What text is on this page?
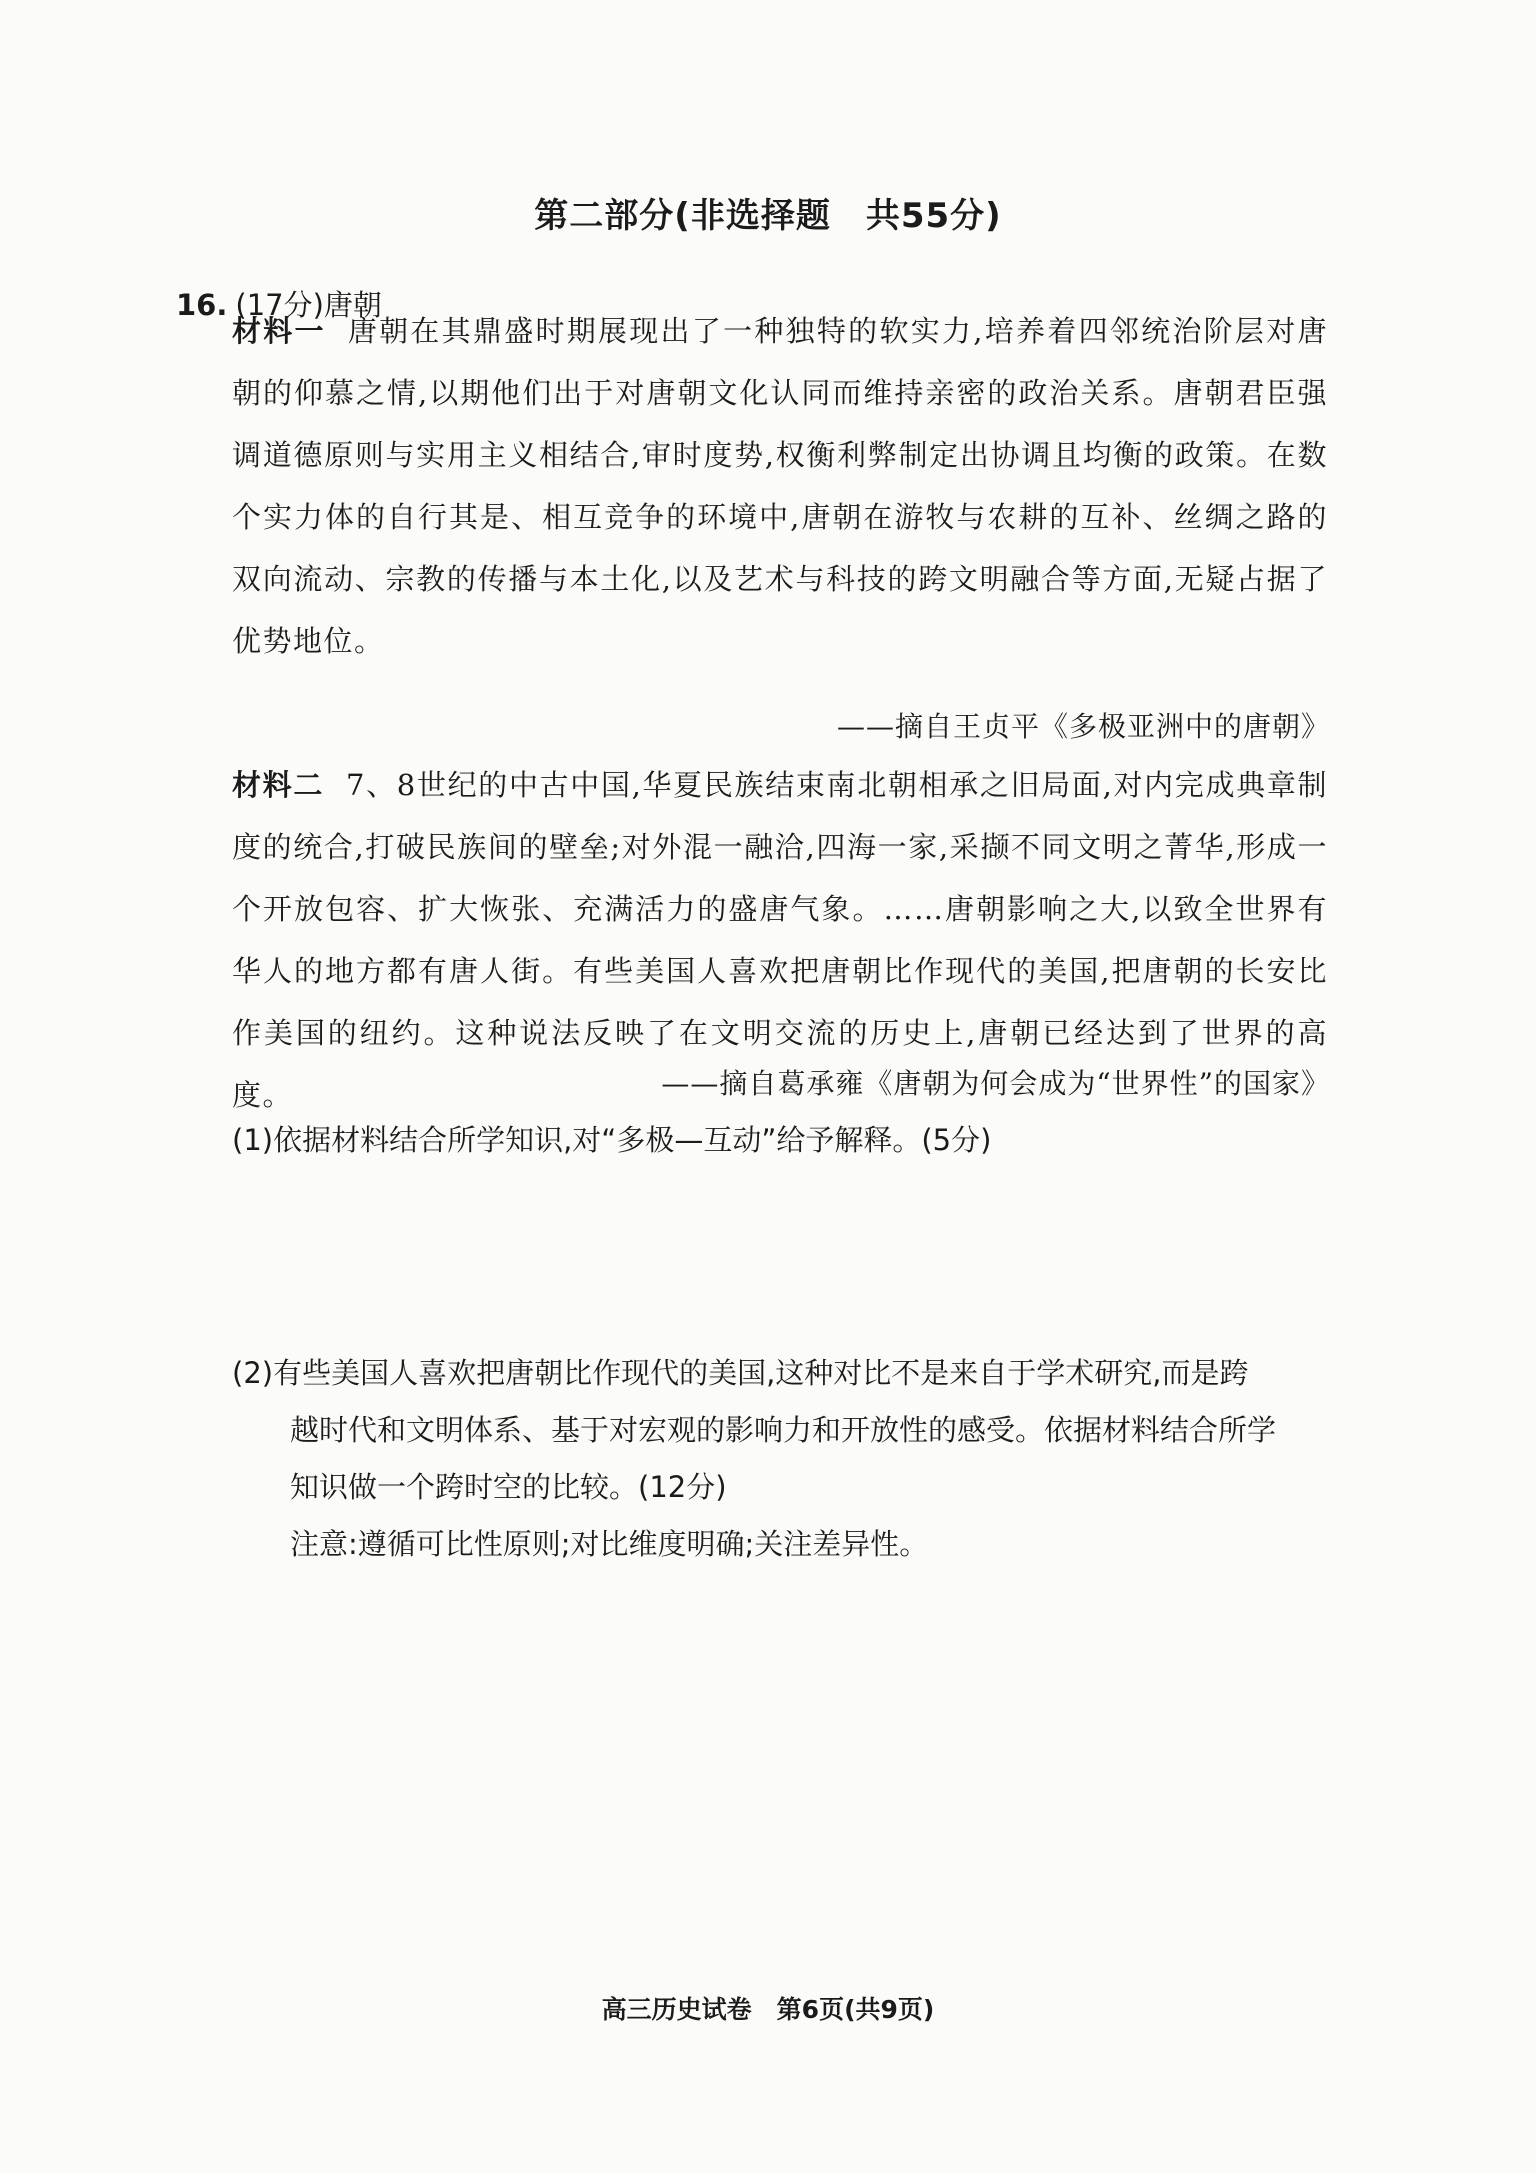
第二部分(非选择题　共55分)
16. (17分)唐朝
材料一 唐朝在其鼎盛时期展现出了一种独特的软实力,培养着四邻统治阶层对唐朝的仰慕之情,以期他们出于对唐朝文化认同而维持亲密的政治关系。唐朝君臣强调道德原则与实用主义相结合,审时度势,权衡利弊制定出协调且均衡的政策。在数个实力体的自行其是、相互竞争的环境中,唐朝在游牧与农耕的互补、丝绸之路的双向流动、宗教的传播与本土化,以及艺术与科技的跨文明融合等方面,无疑占据了优势地位。
——摘自王贞平《多极亚洲中的唐朝》
材料二 7、8世纪的中古中国,华夏民族结束南北朝相承之旧局面,对内完成典章制度的统合,打破民族间的壁垒;对外混一融洽,四海一家,采撷不同文明之菁华,形成一个开放包容、扩大恢张、充满活力的盛唐气象。……唐朝影响之大,以致全世界有华人的地方都有唐人街。有些美国人喜欢把唐朝比作现代的美国,把唐朝的长安比作美国的纽约。这种说法反映了在文明交流的历史上,唐朝已经达到了世界的高度。	——摘自葛承雍《唐朝为何会成为“世界性”的国家》
(1)依据材料结合所学知识,对“多极—互动”给予解释。(5分)
(2)有些美国人喜欢把唐朝比作现代的美国,这种对比不是来自于学术研究,而是跨
越时代和文明体系、基于对宏观的影响力和开放性的感受。依据材料结合所学
知识做一个跨时空的比较。(12分)
注意:遵循可比性原则;对比维度明确;关注差异性。
高三历史试卷　第6页(共9页)
